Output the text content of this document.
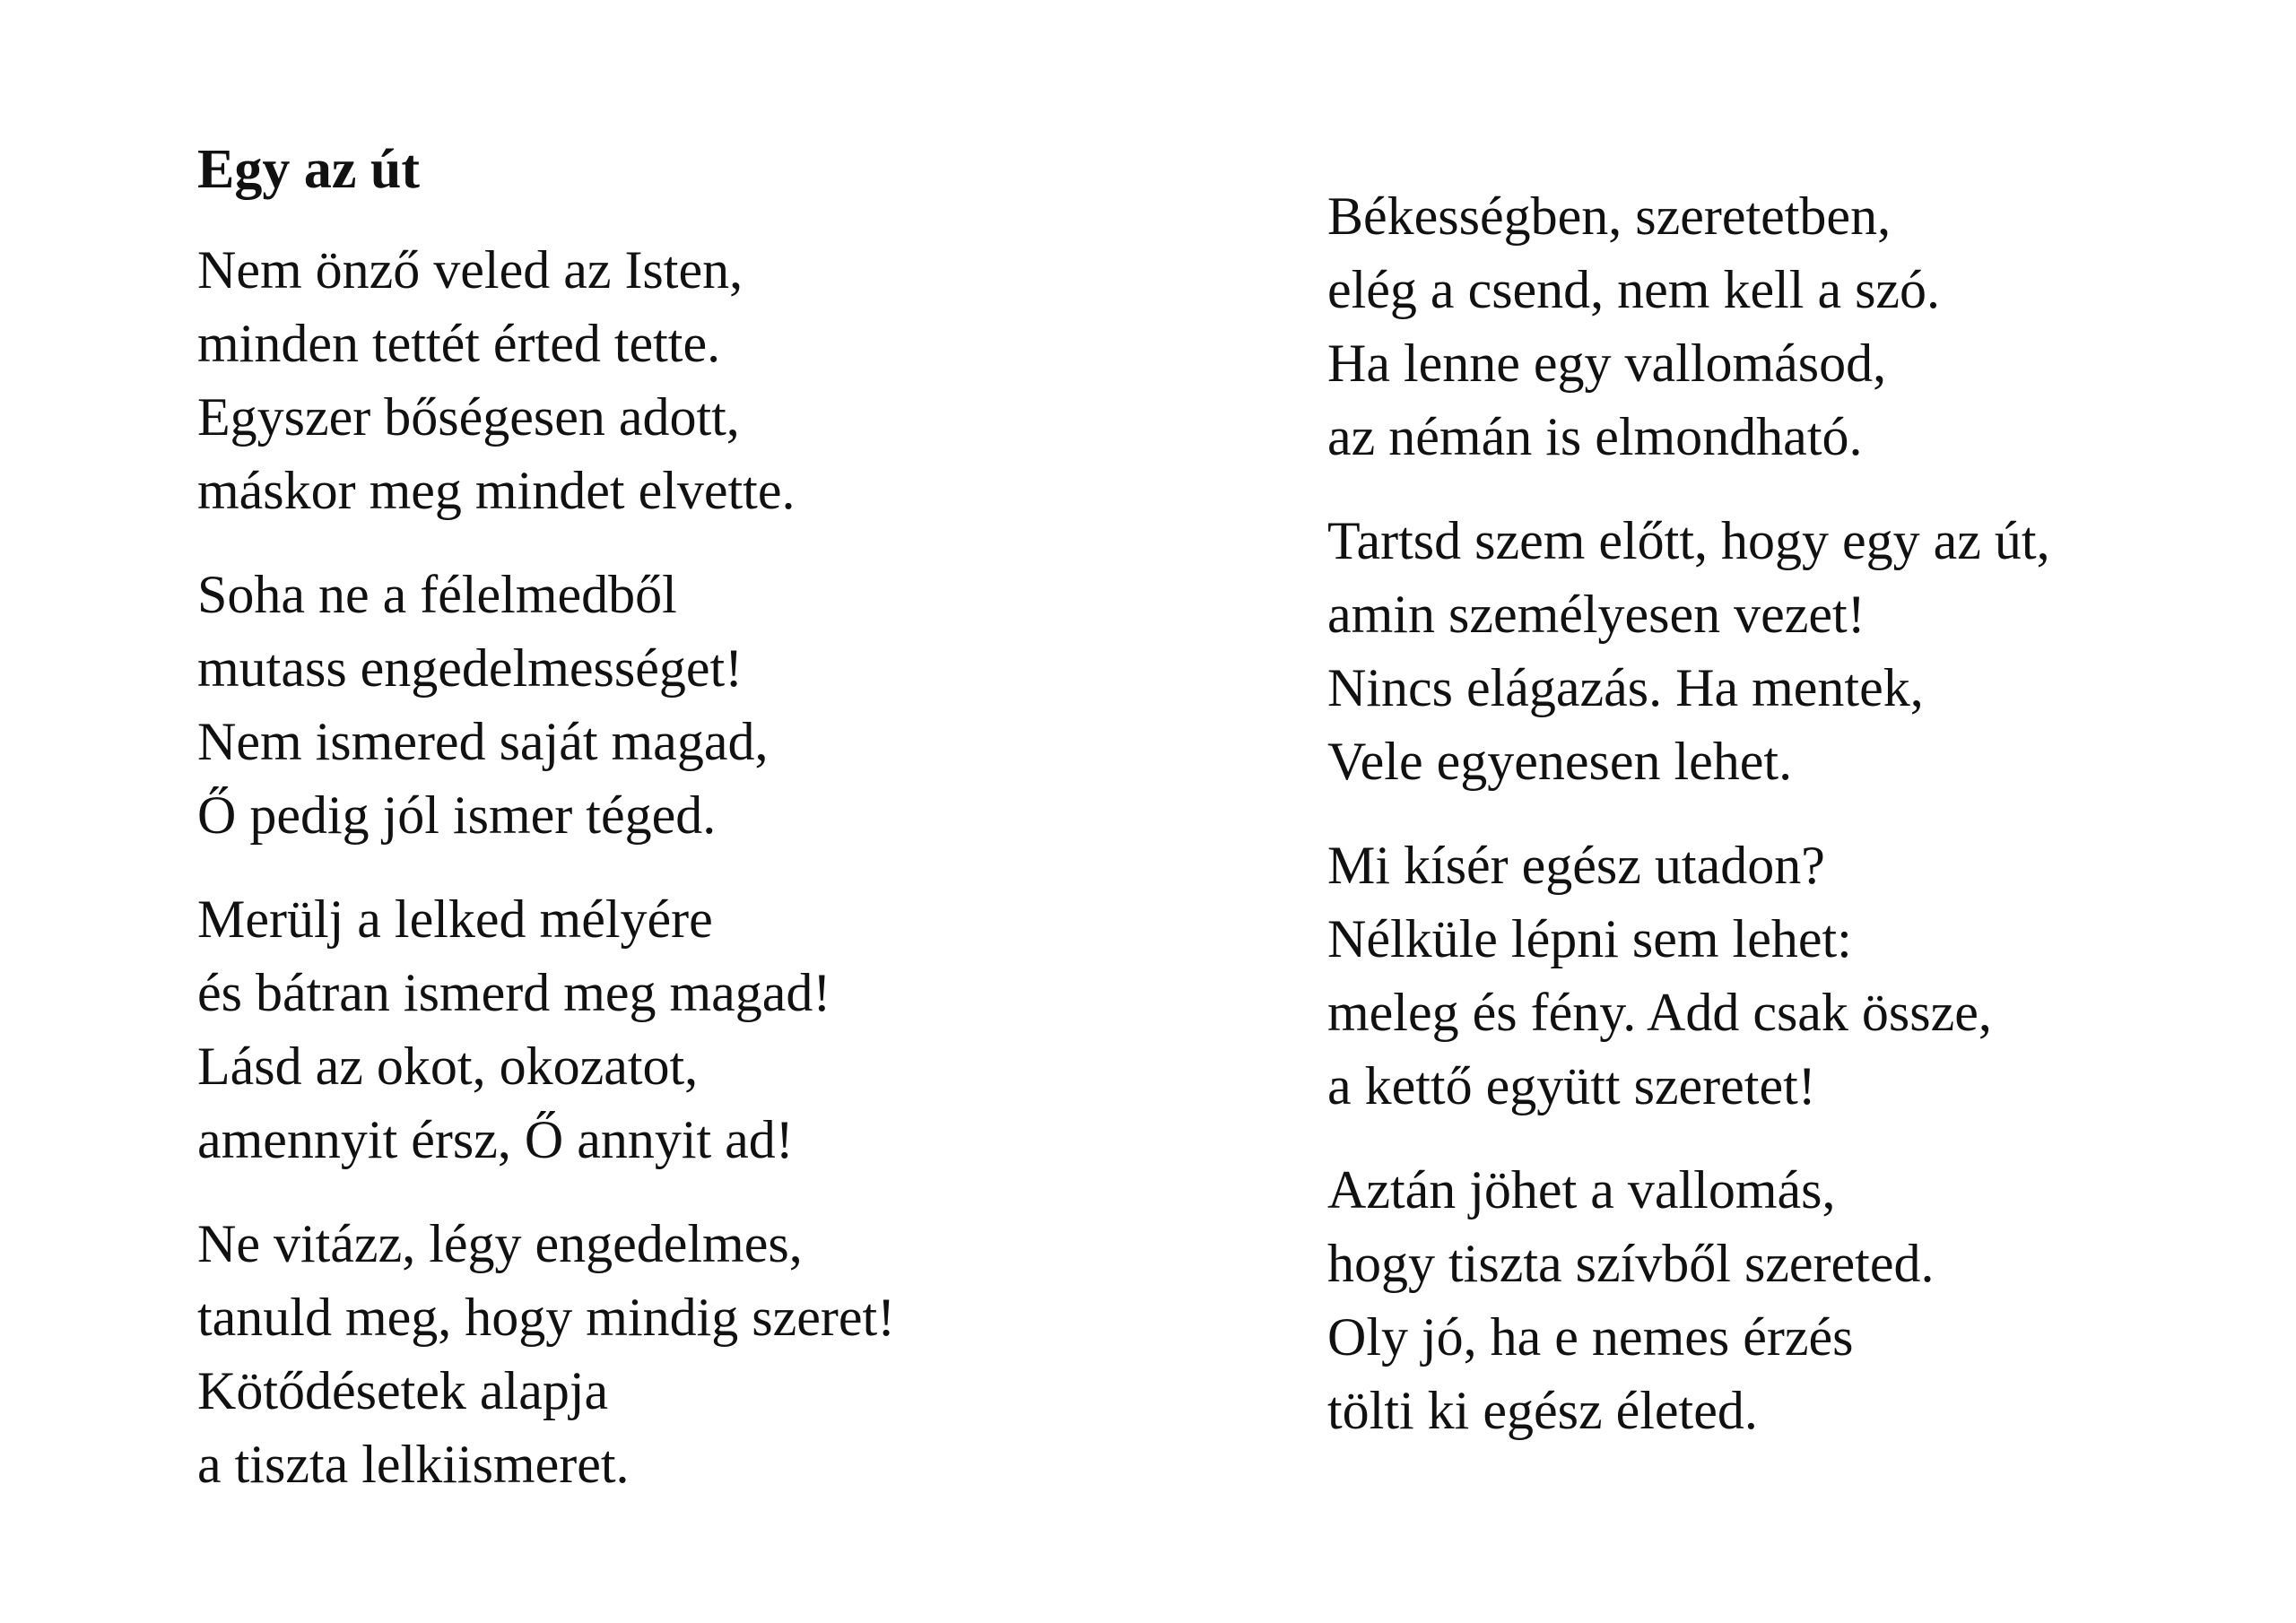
Egy az út
Nem önző veled az Isten,
minden tettét érted tette.
Egyszer bőségesen adott,
máskor meg mindet elvette.
Soha ne a félelmedből
mutass engedelmességet!
Nem ismered saját magad,
Ő pedig jól ismer téged.
Merülj a lelked mélyére
és bátran ismerd meg magad!
Lásd az okot, okozatot,
amennyit érsz, Ő annyit ad!
Ne vitázz, légy engedelmes,
tanuld meg, hogy mindig szeret!
Kötődésetek alapja
a tiszta lelkiismeret.
Békességben, szeretetben,
elég a csend, nem kell a szó.
Ha lenne egy vallomásod,
az némán is elmondható.
Tartsd szem előtt, hogy egy az út,
amin személyesen vezet!
Nincs elágazás. Ha mentek,
Vele egyenesen lehet.
Mi kísér egész utadon?
Nélküle lépni sem lehet:
meleg és fény. Add csak össze,
a kettő együtt szeretet!
Aztán jöhet a vallomás,
hogy tiszta szívből szereted.
Oly jó, ha e nemes érzés
tölti ki egész életed.
